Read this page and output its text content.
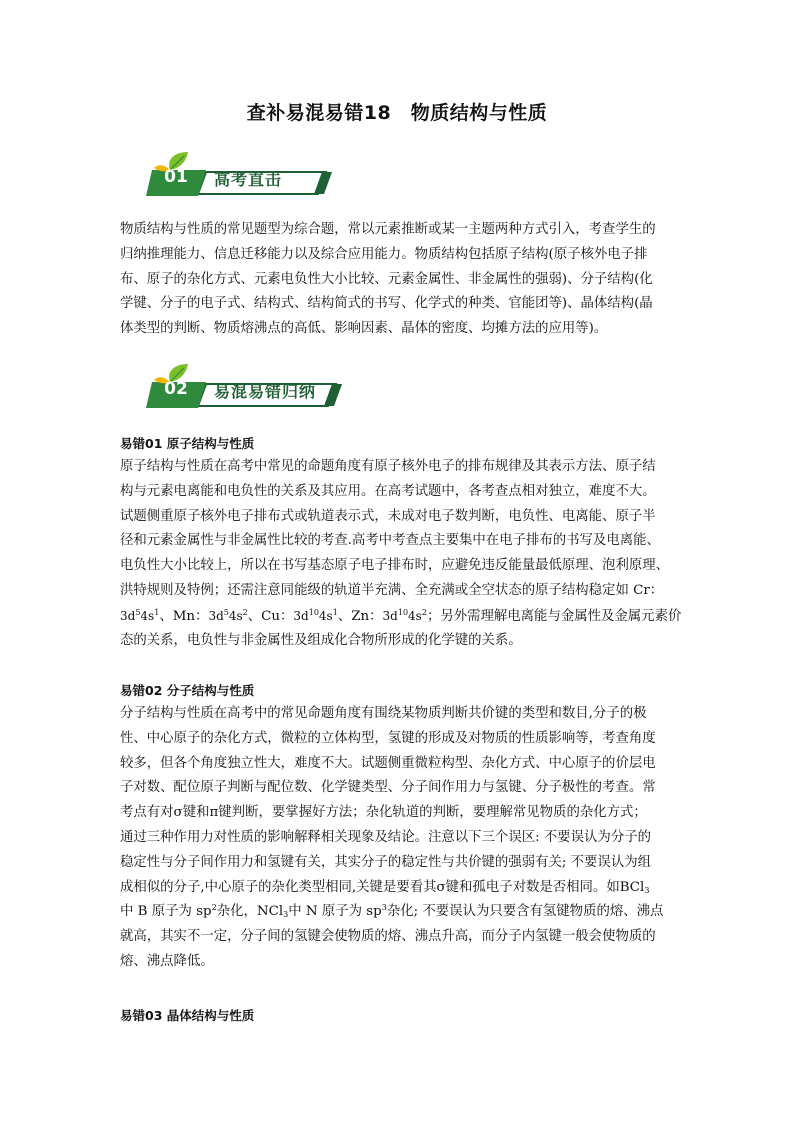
查补易混易错18　物质结构与性质
01	高考直击
物质结构与性质的常见题型为综合题，常以元素推断或某一主题两种方式引入，考查学生的
归纳推理能力、信息迁移能力以及综合应用能力。物质结构包括原子结构(原子核外电子排
布、原子的杂化方式、元素电负性大小比较、元素金属性、非金属性的强弱)、分子结构(化
学键、分子的电子式、结构式、结构简式的书写、化学式的种类、官能团等)、晶体结构(晶
体类型的判断、物质熔沸点的高低、影响因素、晶体的密度、均摊方法的应用等)。
02	易混易错归纳
易错01 原子结构与性质
原子结构与性质在高考中常见的命题角度有原子核外电子的排布规律及其表示方法、原子结
构与元素电离能和电负性的关系及其应用。在高考试题中，各考查点相对独立，难度不大。
试题侧重原子核外电子排布式或轨道表示式，未成对电子数判断，电负性、电离能、原子半
径和元素金属性与非金属性比较的考查.高考中考查点主要集中在电子排布的书写及电离能、
电负性大小比较上，所以在书写基态原子电子排布时，应避免违反能量最低原理、泡利原理、
洪特规则及特例；还需注意同能级的轨道半充满、全充满或全空状态的原子结构稳定如 Cr：
$3d^54s^1$、Mn：$3d^54s^2$、Cu：$3d^{10}4s^1$、Zn：$3d^{10}4s^2$；另外需理解电离能与金属性及金属元素价
态的关系，电负性与非金属性及组成化合物所形成的化学键的关系。
易错02 分子结构与性质
分子结构与性质在高考中的常见命题角度有围绕某物质判断共价键的类型和数目,分子的极
性、中心原子的杂化方式，微粒的立体构型，氢键的形成及对物质的性质影响等，考查角度
较多，但各个角度独立性大，难度不大。试题侧重微粒构型、杂化方式、中心原子的价层电
子对数、配位原子判断与配位数、化学键类型、分子间作用力与氢键、分子极性的考查。常
考点有对σ键和π键判断，要掌握好方法；杂化轨道的判断，要理解常见物质的杂化方式；
通过三种作用力对性质的影响解释相关现象及结论。注意以下三个误区: 不要误认为分子的
稳定性与分子间作用力和氢键有关，其实分子的稳定性与共价键的强弱有关; 不要误认为组
成相似的分子,中心原子的杂化类型相同,关键是要看其σ键和孤电子对数是否相同。如BCl$_3$
中 B 原子为 $sp^2$杂化，NCl$_3$中 N 原子为 $sp^3$杂化; 不要误认为只要含有氢键物质的熔、沸点
就高，其实不一定，分子间的氢键会使物质的熔、沸点升高，而分子内氢键一般会使物质的
熔、沸点降低。
易错03 晶体结构与性质
